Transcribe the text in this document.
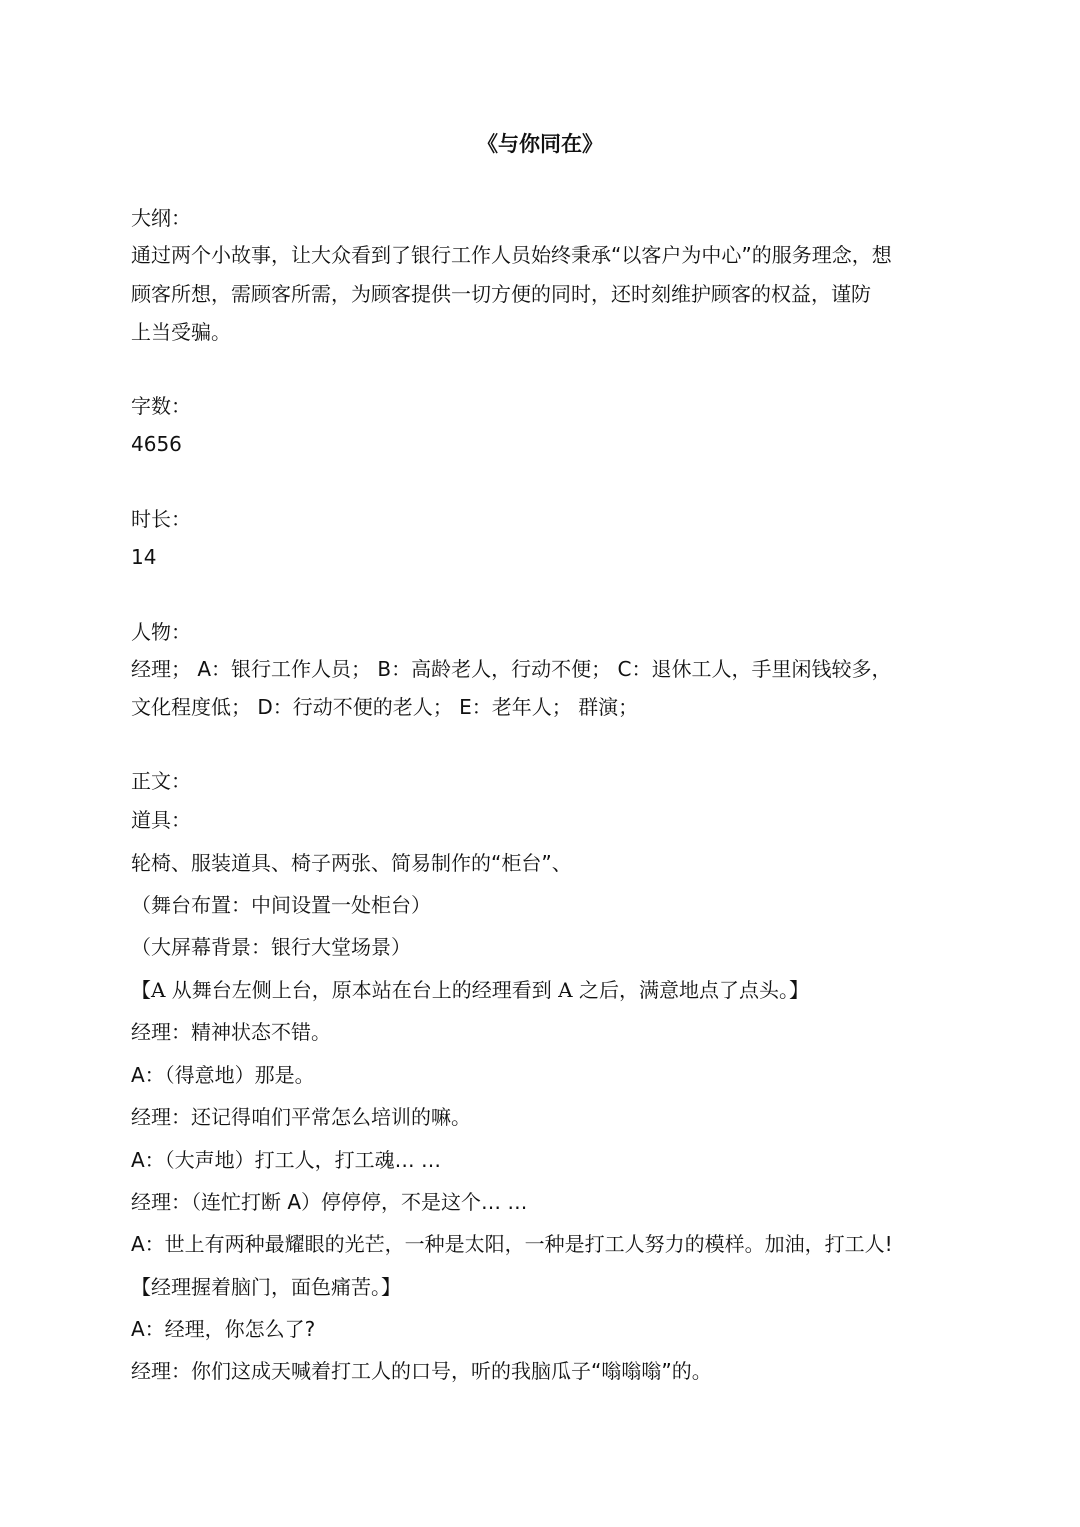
《与你同在》

大纲：

通过两个小故事，让大众看到了银行工作人员始终秉承“以客户为中心”的服务理念，想

顾客所想，需顾客所需，为顾客提供一切方便的同时，还时刻维护顾客的权益，谨防

上当受骗。

字数：

4656

时长：

14

人物：

经理； A：银行工作人员； B：高龄老人，行动不便； C：退休工人，手里闲钱较多，

文化程度低； D：行动不便的老人； E：老年人； 群演；

正文：

道具：

轮椅、服装道具、椅子两张、简易制作的“柜台”、

（舞台布置：中间设置一处柜台）

（大屏幕背景：银行大堂场景）

【A 从舞台左侧上台，原本站在台上的经理看到 A 之后，满意地点了点头。】

经理：精神状态不错。

A：（得意地）那是。

经理：还记得咱们平常怎么培训的嘛。

A：（大声地）打工人，打工魂… …

经理：（连忙打断 A）停停停，不是这个… …

A：世上有两种最耀眼的光芒，一种是太阳，一种是打工人努力的模样。加油，打工人!

【经理握着脑门，面色痛苦。】

A：经理，你怎么了?

经理：你们这成天喊着打工人的口号，听的我脑瓜子“嗡嗡嗡”的。
